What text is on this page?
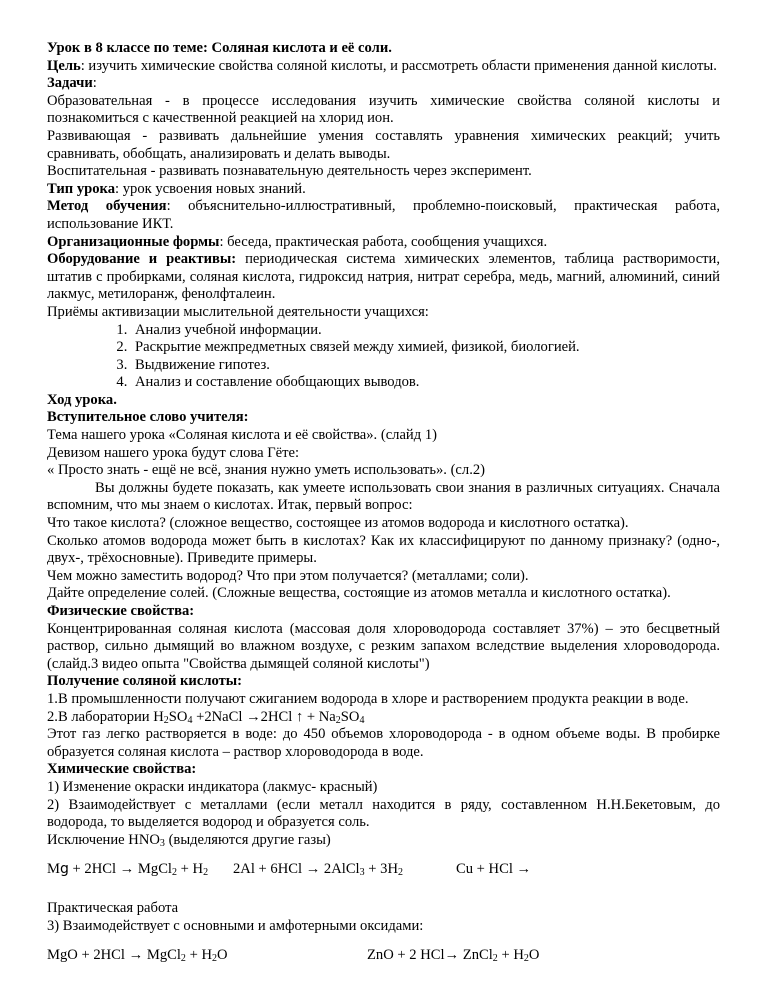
Урок в 8 классе по теме: Соляная кислота и её соли.

Цель: изучить химические свойства соляной кислоты, и рассмотреть области применения данной кислоты.

Задачи:

Образовательная - в процессе исследования изучить химические свойства соляной кислоты и познакомиться с качественной реакцией на хлорид ион.

Развивающая - развивать дальнейшие умения составлять уравнения химических реакций; учить сравнивать, обобщать, анализировать и делать выводы.

Воспитательная - развивать познавательную деятельность через эксперимент.

Тип урока: урок усвоения новых знаний.

Метод обучения: объяснительно-иллюстративный, проблемно-поисковый, практическая работа, использование ИКТ.

Организационные формы: беседа, практическая работа, сообщения учащихся.

Оборудование и реактивы: периодическая система химических элементов, таблица растворимости, штатив с пробирками, соляная кислота, гидроксид натрия, нитрат серебра, медь, магний, алюминий, синий лакмус, метилоранж, фенолфталеин.

Приёмы активизации мыслительной деятельности учащихся:

1. Анализ учебной информации.
2. Раскрытие межпредметных связей между химией, физикой, биологией.
3. Выдвижение гипотез.
4. Анализ и составление обобщающих выводов.

Ход урока.

Вступительное слово учителя:

Тема нашего урока «Соляная кислота и её свойства». (слайд 1)

Девизом нашего урока будут слова Гёте:

« Просто знать - ещё не всё, знания нужно уметь использовать». (сл.2)

Вы должны будете показать, как умеете использовать свои знания в различных ситуациях. Сначала вспомним, что мы знаем о кислотах. Итак, первый вопрос:

Что такое кислота? (сложное вещество, состоящее из атомов водорода и кислотного остатка).

Сколько атомов водорода может быть в кислотах? Как их классифицируют по данному признаку? (одно-, двух-, трёхосновные). Приведите примеры.

Чем можно заместить водород? Что при этом получается? (металлами; соли).

Дайте определение солей. (Сложные вещества, состоящие из атомов металла и кислотного остатка).

Физические свойства:

Концентрированная соляная кислота (массовая доля хлороводорода составляет 37%) – это бесцветный раствор, сильно дымящий во влажном воздухе, с резким запахом вследствие выделения хлороводорода. (слайд.3 видео опыта "Свойства дымящей соляной кислоты")

Получение соляной кислоты:

1.В промышленности получают сжиганием водорода в хлоре и растворением продукта реакции в воде.

2.В лаборатории $H_2SO_4$ +2NaCl →2HCl ↑ + $Na_2SO_4$

Этот газ легко растворяется в воде: до 450 объемов хлороводорода - в одном объеме воды. В пробирке образуется соляная кислота – раствор хлороводорода в воде.

Химические свойства:

1) Изменение окраски индикатора (лакмус- красный)

2) Взаимодействует с металлами (если металл находится в ряду, составленном Н.Н.Бекетовым, до водорода, то выделяется водород и образуется соль.

Исключение $HNO_3$ (выделяются другие газы)

Mg + 2HCl → MgCl$_2$ + $H_2$ 2Al + 6HCl → 2AlCl$_3$ + $3H_2$	Cu + HCl →

Практическая работа

3) Взаимодействует с основными и амфотерными оксидами:

MgO + 2HCl → MgCl$_2$ + $H_2O$	ZnO + 2 HCl→ ZnCl$_2$ + $H_2O$
